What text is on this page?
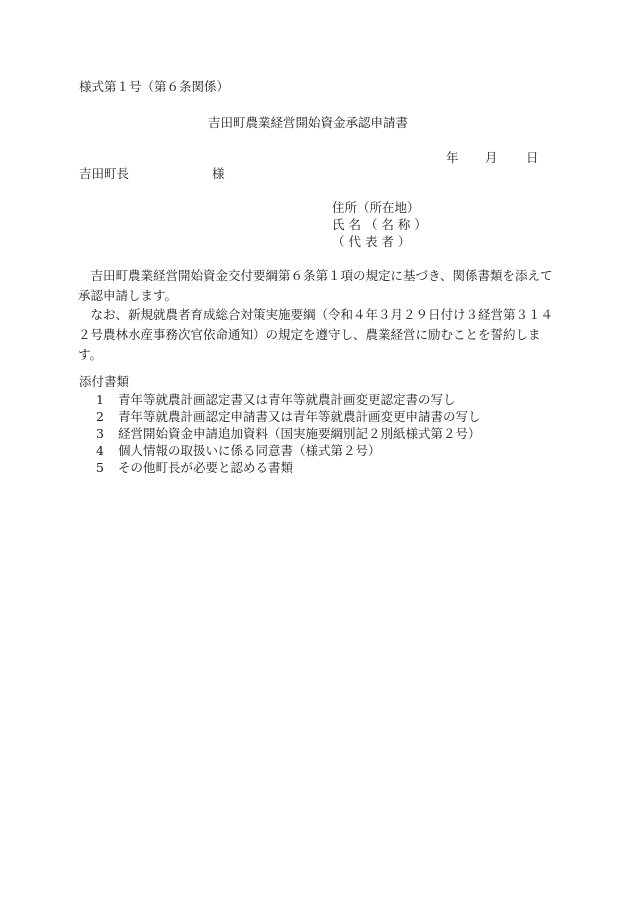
様式第１号（第６条関係）
吉田町農業経営開始資金承認申請書
年 月 日
吉田町長	様
住所（所在地）
氏 名 （ 名 称 ）
（ 代 表 者 ）
吉田町農業経営開始資金交付要綱第６条第１項の規定に基づき、関係書類を添えて承認申請します。
なお、新規就農者育成総合対策実施要綱（令和４年３月２９日付け３経営第３１４２号農林水産事務次官依命通知）の規定を遵守し、農業経営に励むことを誓約します。
添付書類
1 青年等就農計画認定書又は青年等就農計画変更認定書の写し
2 青年等就農計画認定申請書又は青年等就農計画変更申請書の写し
3 経営開始資金申請追加資料（国実施要綱別記２別紙様式第２号）
4 個人情報の取扱いに係る同意書（様式第２号）
5 その他町長が必要と認める書類
